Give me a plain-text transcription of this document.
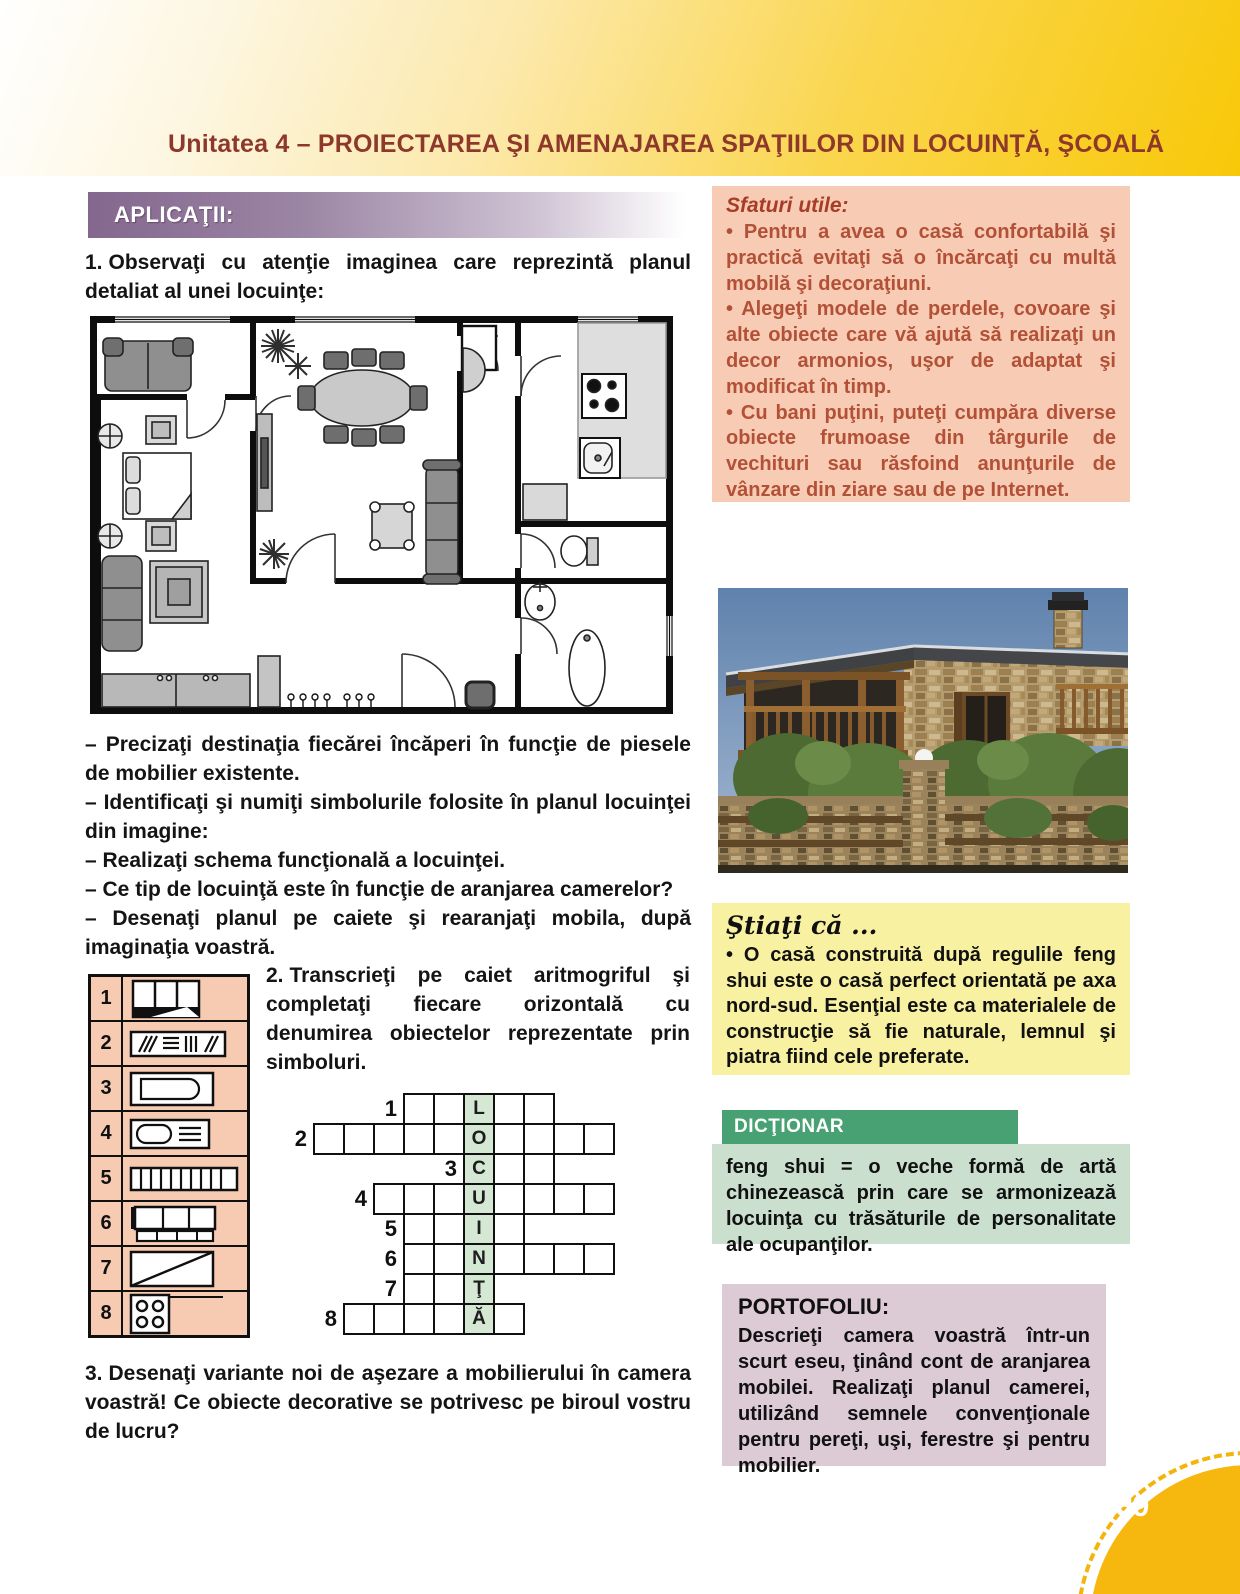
Unitatea 4 – PROIECTAREA ŞI AMENAJAREA SPAŢIILOR DIN LOCUINŢĂ, ŞCOALĂ
APLICAŢII:
1. Observaţi cu atenţie imaginea care reprezintă planul detaliat al unei locuinţe:
– Precizaţi destinaţia fiecărei încăperi în funcţie de piesele de mobilier existente.
– Identificaţi şi numiţi simbolurile folosite în planul locuinţei din imagine:
– Realizaţi schema funcţională a locuinţei.
– Ce tip de locuinţă este în funcţie de aranjarea camerelor?
– Desenaţi planul pe caiete şi rearanjaţi mobila, după imaginaţia voastră.
1
2
3
4
5
6
7
8
2. Transcrieţi pe caiet aritmogriful şi completaţi fiecare orizontală cu denumirea obiectelor reprezentate prin simboluri.
1	L
2	O
3 C
4	U
5	I
6	N
7	Ţ
8	Ă
3. Desenaţi variante noi de aşezare a mobilierului în camera voastră! Ce obiecte decorative se potrivesc pe biroul vostru de lucru?
Sfaturi utile:

• Pentru a avea o casă confortabilă şi practică evitaţi să o încărcaţi cu multă mobilă şi decoraţiuni.

• Alegeţi modele de perdele, covoare şi alte obiecte care vă ajută să realizaţi un decor armonios, uşor de adaptat şi modificat în timp.

• Cu bani puţini, puteţi cumpăra diverse obiecte frumoase din târgurile de vechituri sau răsfoind anunţurile de vânzare din ziare sau de pe Internet.

Ştiaţi că ...

• O casă construită după regulile feng shui este o casă perfect orientată pe axa nord-sud. Esenţial este ca materialele de construcţie să fie naturale, lemnul şi piatra fiind cele preferate.

DICŢIONAR
feng shui = o veche formă de artă chinezească prin care se armonizează locuinţa cu trăsăturile de personalitate ale ocupanţilor.
PORTOFOLIU:

Descrieţi camera voastră într-un scurt eseu, ţinând cont de aranjarea mobilei. Realizaţi planul camerei, utilizând semnele convenţionale pentru pereţi, uşi, ferestre şi pentru mobilier.

89
